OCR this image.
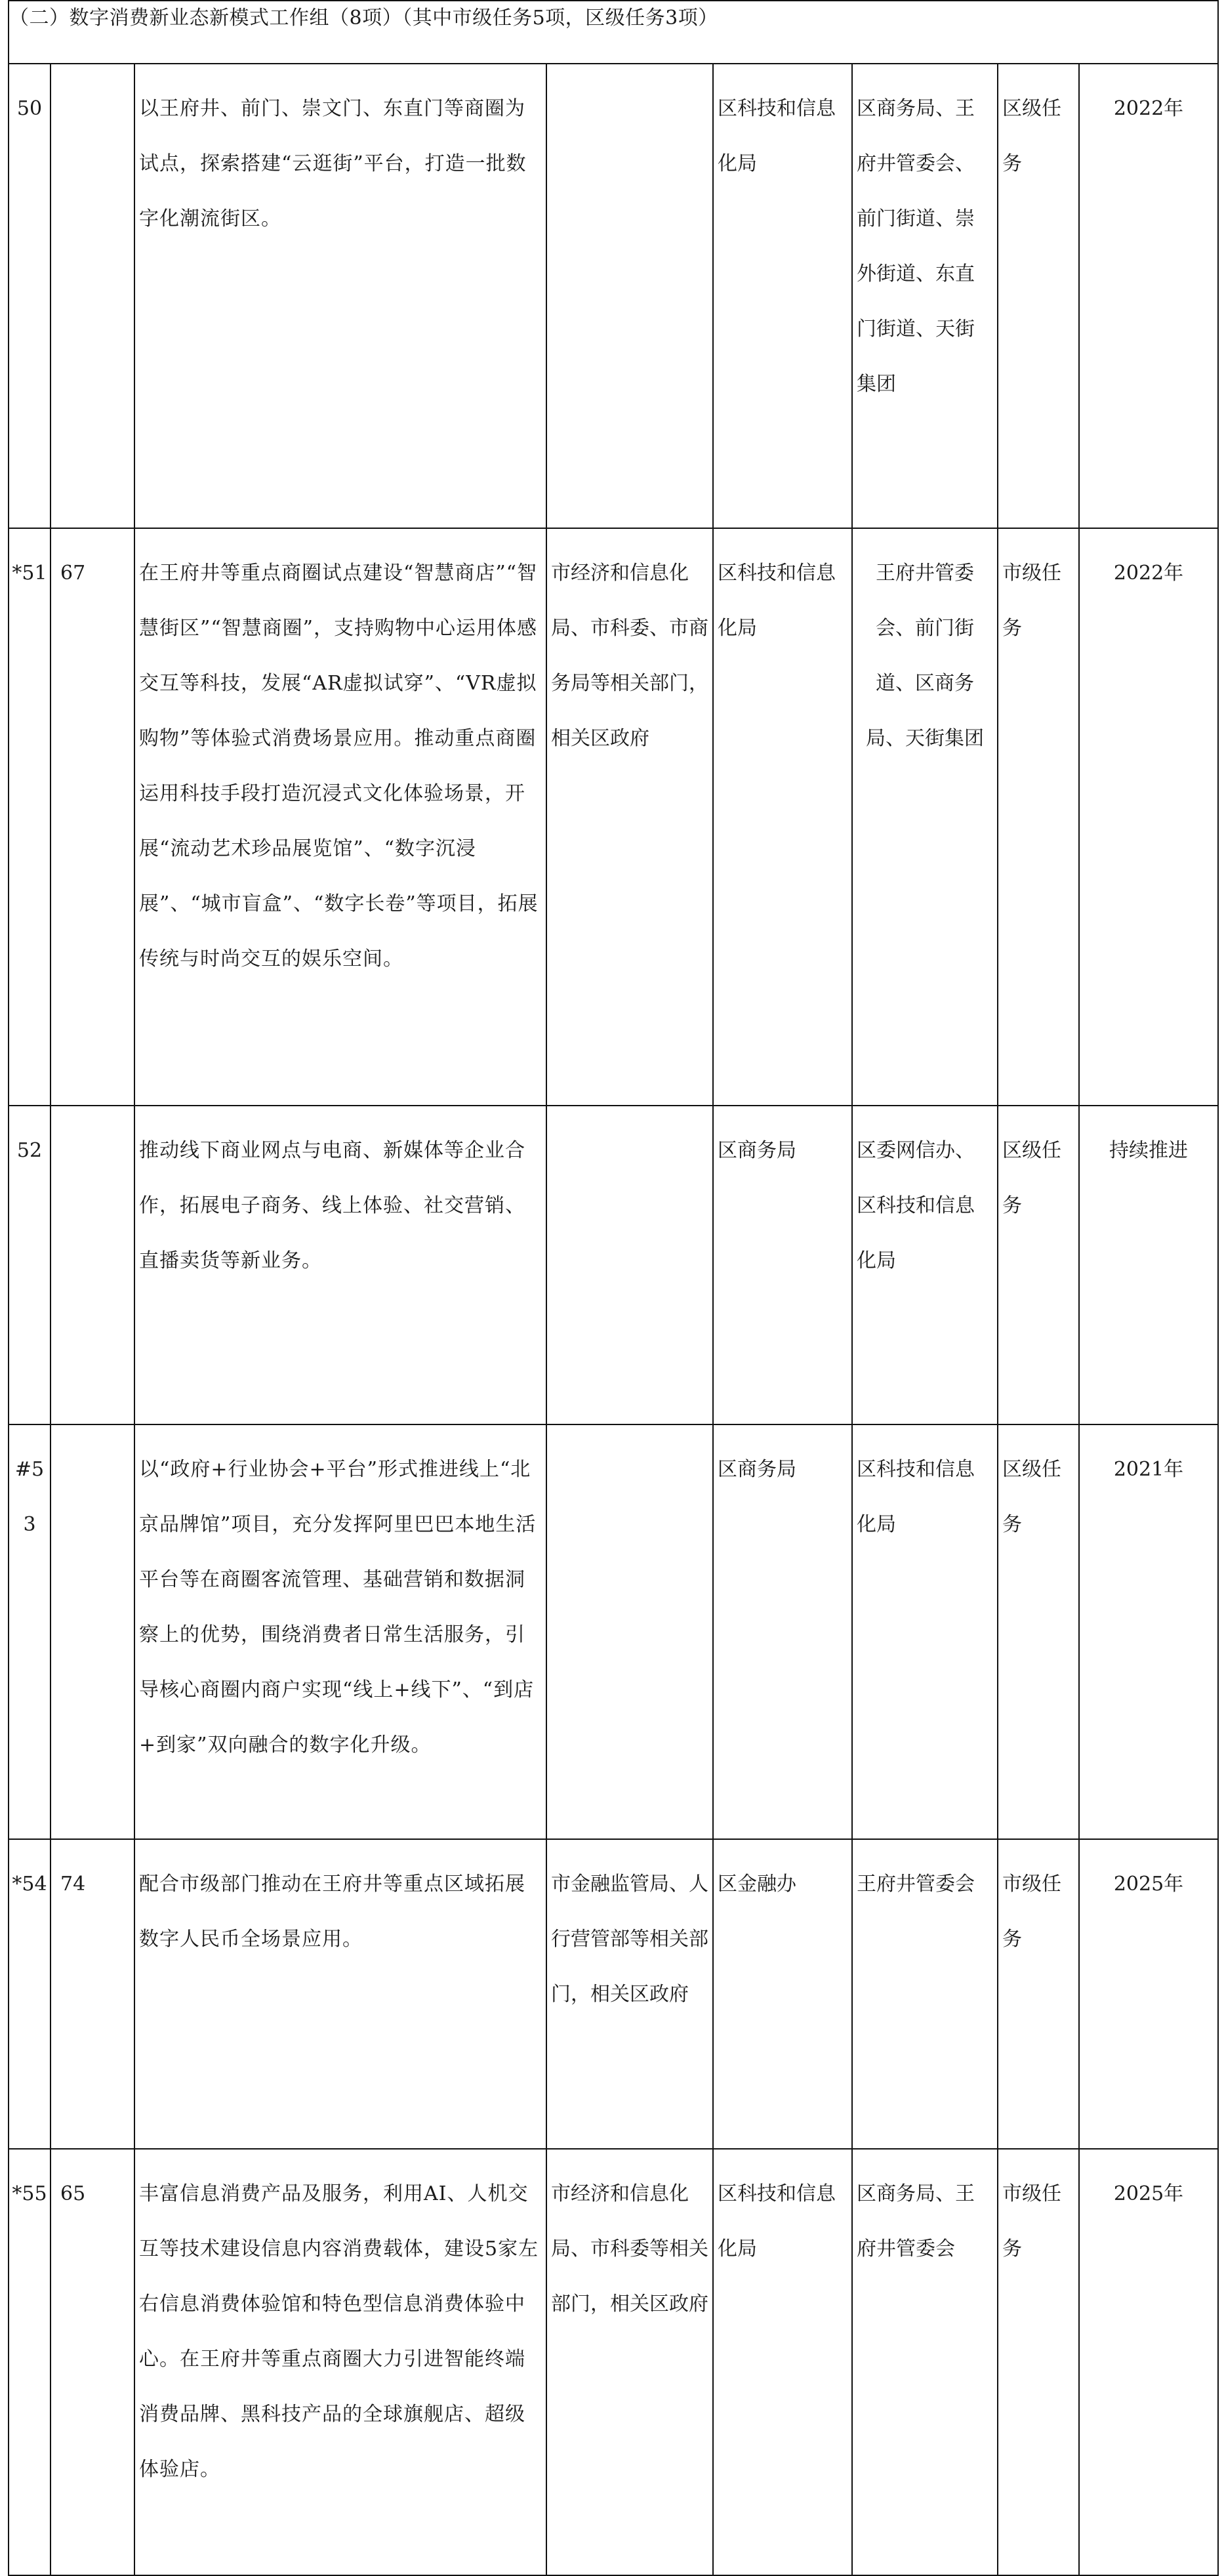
（二）数字消费新业态新模式工作组（8项）（其中市级任务5项，区级任务3项）							

50		以王府井、前门、崇文门、东直门等商圈为试点，探索搭建“云逛街”平台，打造一批数字化潮流街区。		区科技和信息化局	区商务局、王府井管委会、前门街道、崇外街道、东直门街道、天街集团	区级任务	2022年

*51	67	在王府井等重点商圈试点建设“智慧商店”“智慧街区”“智慧商圈”，支持购物中心运用体感交互等科技，发展“AR虚拟试穿”、“VR虚拟购物”等体验式消费场景应用。推动重点商圈运用科技手段打造沉浸式文化体验场景，开展“流动艺术珍品展览馆”、“数字沉浸展”、“城市盲盒”、“数字长卷”等项目，拓展传统与时尚交互的娱乐空间。	市经济和信息化局、市科委、市商务局等相关部门，相关区政府	区科技和信息化局	王府井管委会、前门街道、区商务局、天街集团	市级任务	2022年

52		推动线下商业网点与电商、新媒体等企业合作，拓展电子商务、线上体验、社交营销、直播卖货等新业务。		区商务局	区委网信办、区科技和信息化局	区级任务	持续推进

#53		以“政府+行业协会+平台”形式推进线上“北京品牌馆”项目，充分发挥阿里巴巴本地生活平台等在商圈客流管理、基础营销和数据洞察上的优势，围绕消费者日常生活服务，引导核心商圈内商户实现“线上+线下”、“到店+到家”双向融合的数字化升级。		区商务局	区科技和信息化局	区级任务	2021年

*54	74	配合市级部门推动在王府井等重点区域拓展数字人民币全场景应用。	市金融监管局、人行营管部等相关部门，相关区政府	区金融办	王府井管委会	市级任务	2025年

*55	65	丰富信息消费产品及服务，利用AI、人机交互等技术建设信息内容消费载体，建设5家左右信息消费体验馆和特色型信息消费体验中心。在王府井等重点商圈大力引进智能终端消费品牌、黑科技产品的全球旗舰店、超级体验店。	市经济和信息化局、市科委等相关部门，相关区政府	区科技和信息化局	区商务局、王府井管委会	市级任务	2025年
